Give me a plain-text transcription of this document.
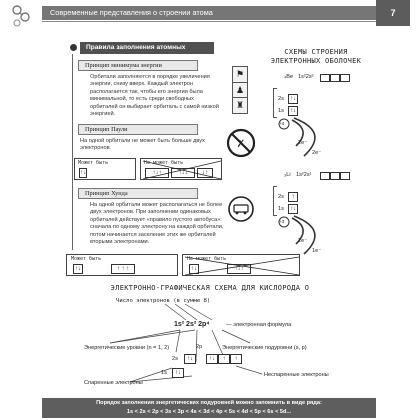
Современные представления о строении атома	7
Правила заполнения атомных
Принцип минимума энергии
Орбитали заполняются в порядке увеличения энергии, снизу вверх. Каждый электрон располагается так, чтобы его энергия была минимальной, то есть среди свободных орбиталей он выбирает орбиталь с самой низкой энергией.
Принцип Паули
На одной орбитали не может быть больше двух электронов.
Может быть
↑↓
Не может быть
↑↓↑	↑↓↓	↓↑
Принцип Хунда
На одной орбитали может располагаться не более двух электронов. При заполнении одинаковых орбиталей действует «правило пустого автобуса»: сначала по одному электрону на каждой орбитали, потом начинается заселение этих же орбиталей вторыми электронами.
Может быть
↑↓	↑ ↑ ↑
Не может быть
↑↓	↑↓↑
⚑
♟
♜
✗
СХЕМЫ СТРОЕНИЯ
ЭЛЕКТРОННЫХ ОБОЛОЧЕК
₄Be 1s²2s²
2s	↑↓
1s	↑↓
+4
2e⁻
2e⁻
₃Li 1s²2s¹
2s	↑
1s	↑↓
+3
2e⁻
1e⁻
ЭЛЕКТРОННО-ГРАФИЧЕСКАЯ СХЕМА ДЛЯ КИСЛОРОДА О
Число электронов (в сумме 8)
1s² 2s² 2p⁴	— электронная формула
Энергетические уровни (n = 1, 2)	Энергетические подуровни (s, p)
Спаренные электроны
Неспаренные электроны
1s	↑↓
2s	↑↓
2p
↑↓	↑	↑
Порядок заполнения энергетических подуровней можно запомнить в виде ряда:
1s < 2s < 2p < 3s < 3p < 4s < 3d < 4p < 5s < 4d < 5p < 6s < 5d...
